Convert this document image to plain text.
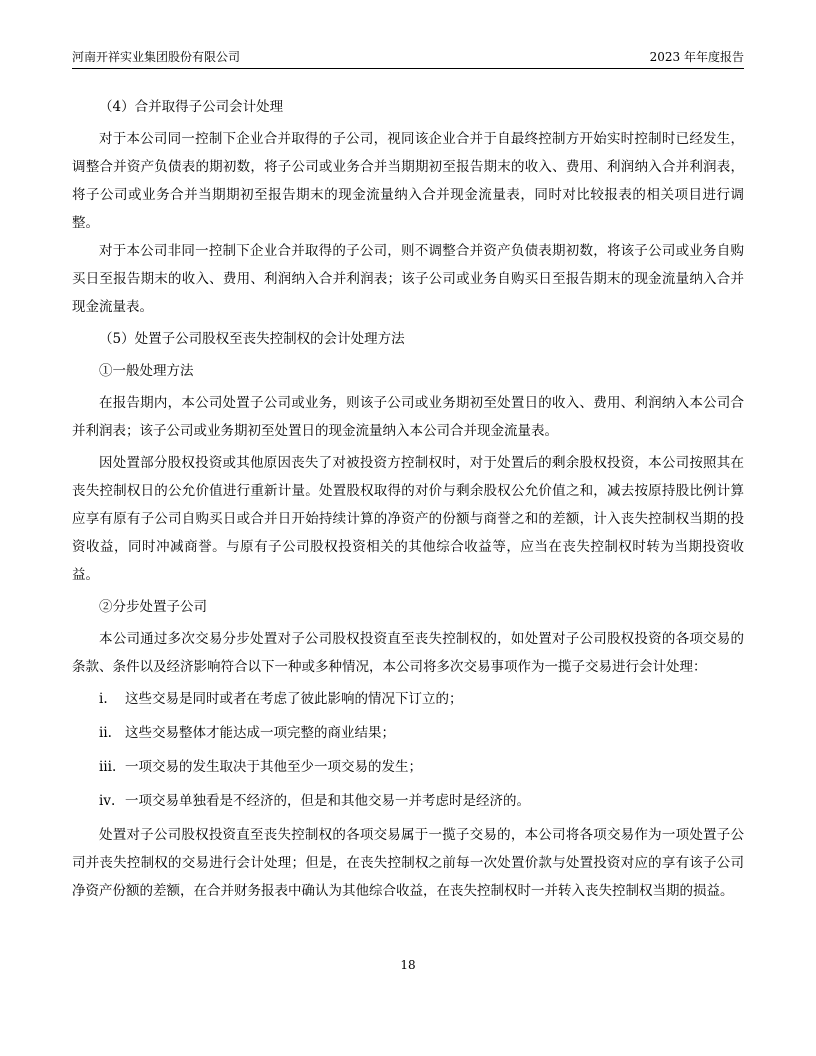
河南开祥实业集团股份有限公司	2023 年年度报告

（4）合并取得子公司会计处理

对于本公司同一控制下企业合并取得的子公司，视同该企业合并于自最终控制方开始实时控制时已经发生，调整合并资产负债表的期初数，将子公司或业务合并当期期初至报告期末的收入、费用、利润纳入合并利润表，将子公司或业务合并当期期初至报告期末的现金流量纳入合并现金流量表，同时对比较报表的相关项目进行调整。

对于本公司非同一控制下企业合并取得的子公司，则不调整合并资产负债表期初数，将该子公司或业务自购买日至报告期末的收入、费用、利润纳入合并利润表；该子公司或业务自购买日至报告期末的现金流量纳入合并现金流量表。

（5）处置子公司股权至丧失控制权的会计处理方法

①一般处理方法

在报告期内，本公司处置子公司或业务，则该子公司或业务期初至处置日的收入、费用、利润纳入本公司合并利润表；该子公司或业务期初至处置日的现金流量纳入本公司合并现金流量表。

因处置部分股权投资或其他原因丧失了对被投资方控制权时，对于处置后的剩余股权投资，本公司按照其在丧失控制权日的公允价值进行重新计量。处置股权取得的对价与剩余股权公允价值之和，减去按原持股比例计算应享有原有子公司自购买日或合并日开始持续计算的净资产的份额与商誉之和的差额，计入丧失控制权当期的投资收益，同时冲减商誉。与原有子公司股权投资相关的其他综合收益等，应当在丧失控制权时转为当期投资收益。

②分步处置子公司

本公司通过多次交易分步处置对子公司股权投资直至丧失控制权的，如处置对子公司股权投资的各项交易的条款、条件以及经济影响符合以下一种或多种情况，本公司将多次交易事项作为一揽子交易进行会计处理：

ⅰ.	这些交易是同时或者在考虑了彼此影响的情况下订立的；
ⅱ. 这些交易整体才能达成一项完整的商业结果；
ⅲ. 一项交易的发生取决于其他至少一项交易的发生；
ⅳ. 一项交易单独看是不经济的，但是和其他交易一并考虑时是经济的。

处置对子公司股权投资直至丧失控制权的各项交易属于一揽子交易的，本公司将各项交易作为一项处置子公司并丧失控制权的交易进行会计处理；但是，在丧失控制权之前每一次处置价款与处置投资对应的享有该子公司净资产份额的差额，在合并财务报表中确认为其他综合收益，在丧失控制权时一并转入丧失控制权当期的损益。

18
